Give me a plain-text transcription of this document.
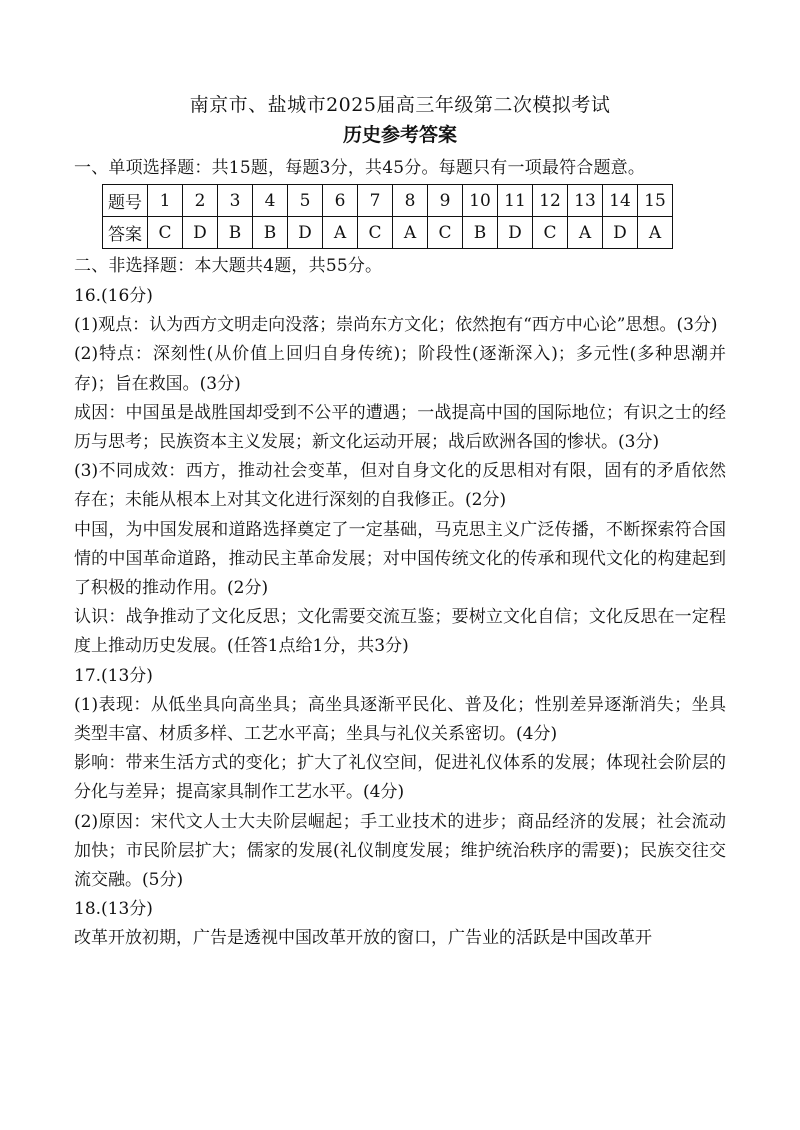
南京市、盐城市2025届高三年级第二次模拟考试
历史参考答案
一、单项选择题：共15题，每题3分，共45分。每题只有一项最符合题意。
题号	1	2	3	4	5	6	7	8	9	10	11	12	13	14	15
答案	C	D	B	B	D	A	C	A	C	B	D	C	A	D	A
二、非选择题：本大题共4题，共55分。

16.(16分)

(1)观点：认为西方文明走向没落；崇尚东方文化；依然抱有“西方中心论”思想。(3分)

(2)特点：深刻性(从价值上回归自身传统)；阶段性(逐渐深入)；多元性(多种思潮并存)；旨在救国。(3分)

成因：中国虽是战胜国却受到不公平的遭遇；一战提高中国的国际地位；有识之士的经历与思考；民族资本主义发展；新文化运动开展；战后欧洲各国的惨状。(3分)

(3)不同成效：西方，推动社会变革，但对自身文化的反思相对有限，固有的矛盾依然存在；未能从根本上对其文化进行深刻的自我修正。(2分)

中国，为中国发展和道路选择奠定了一定基础，马克思主义广泛传播，不断探索符合国情的中国革命道路，推动民主革命发展；对中国传统文化的传承和现代文化的构建起到了积极的推动作用。(2分)

认识：战争推动了文化反思；文化需要交流互鉴；要树立文化自信；文化反思在一定程度上推动历史发展。(任答1点给1分，共3分)

17.(13分)

(1)表现：从低坐具向高坐具；高坐具逐渐平民化、普及化；性别差异逐渐消失；坐具类型丰富、材质多样、工艺水平高；坐具与礼仪关系密切。(4分)

影响：带来生活方式的变化；扩大了礼仪空间，促进礼仪体系的发展；体现社会阶层的分化与差异；提高家具制作工艺水平。(4分)

(2)原因：宋代文人士大夫阶层崛起；手工业技术的进步；商品经济的发展；社会流动加快；市民阶层扩大；儒家的发展(礼仪制度发展；维护统治秩序的需要)；民族交往交流交融。(5分)

18.(13分)

改革开放初期，广告是透视中国改革开放的窗口，广告业的活跃是中国改革开
